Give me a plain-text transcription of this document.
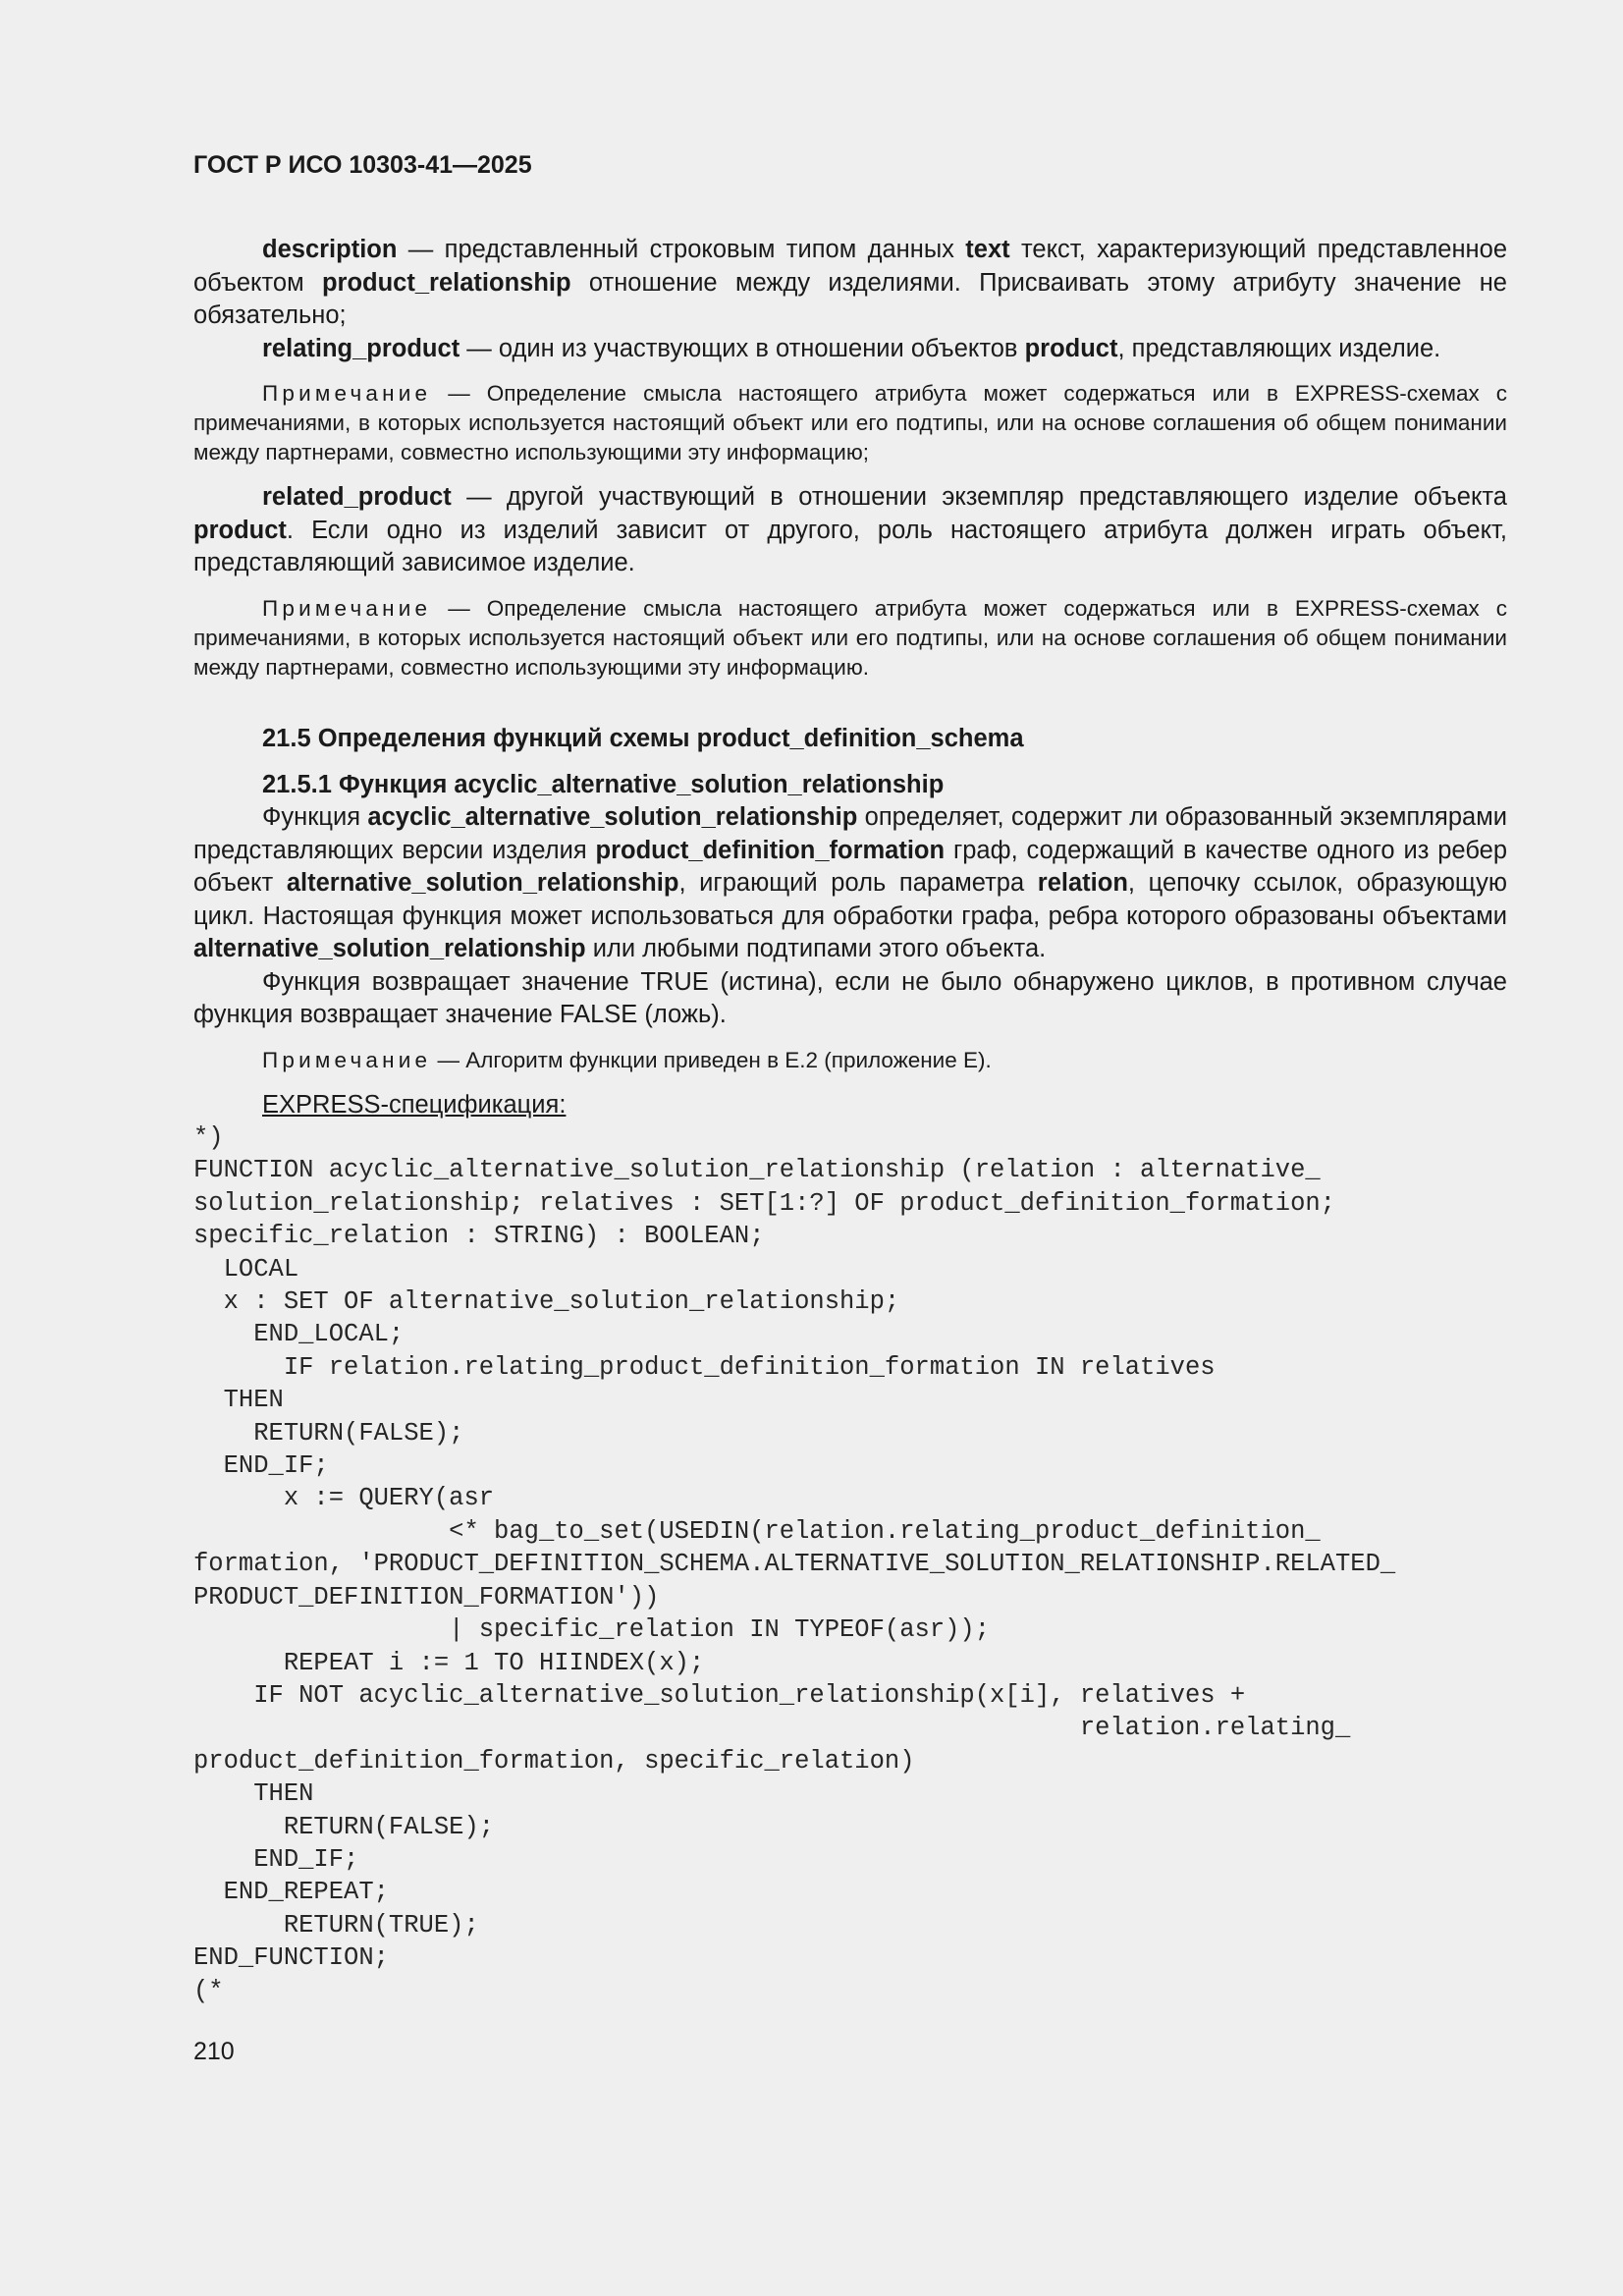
ГОСТ Р ИСО 10303-41—2025

description — представленный строковым типом данных text текст, характеризующий представленное объектом product_relationship отношение между изделиями. Присваивать этому атрибуту значение не обязательно;

relating_product — один из участвующих в отношении объектов product, представляющих изделие.

Примечание — Определение смысла настоящего атрибута может содержаться или в EXPRESS-схемах с примечаниями, в которых используется настоящий объект или его подтипы, или на основе соглашения об общем понимании между партнерами, совместно использующими эту информацию;

related_product — другой участвующий в отношении экземпляр представляющего изделие объекта product. Если одно из изделий зависит от другого, роль настоящего атрибута должен играть объект, представляющий зависимое изделие.

Примечание — Определение смысла настоящего атрибута может содержаться или в EXPRESS-схемах с примечаниями, в которых используется настоящий объект или его подтипы, или на основе соглашения об общем понимании между партнерами, совместно использующими эту информацию.

21.5 Определения функций схемы product_definition_schema
21.5.1 Функция acyclic_alternative_solution_relationship

Функция acyclic_alternative_solution_relationship определяет, содержит ли образованный экземплярами представляющих версии изделия product_definition_formation граф, содержащий в качестве одного из ребер объект alternative_solution_relationship, играющий роль параметра relation, цепочку ссылок, образующую цикл. Настоящая функция может использоваться для обработки графа, ребра которого образованы объектами alternative_solution_relationship или любыми подтипами этого объекта.

Функция возвращает значение TRUE (истина), если не было обнаружено циклов, в противном случае функция возвращает значение FALSE (ложь).

Примечание — Алгоритм функции приведен в E.2 (приложение E).

EXPRESS-спецификация:
*)
FUNCTION acyclic_alternative_solution_relationship (relation : alternative_
solution_relationship; relatives : SET[1:?] OF product_definition_formation;
specific_relation : STRING) : BOOLEAN;
LOCAL
x : SET OF alternative_solution_relationship;
END_LOCAL;
IF relation.relating_product_definition_formation IN relatives
THEN
RETURN(FALSE);
END_IF;
x := QUERY(asr
<* bag_to_set(USEDIN(relation.relating_product_definition_
formation, 'PRODUCT_DEFINITION_SCHEMA.ALTERNATIVE_SOLUTION_RELATIONSHIP.RELATED_
PRODUCT_DEFINITION_FORMATION'))
| specific_relation IN TYPEOF(asr));
REPEAT i := 1 TO HIINDEX(x);
IF NOT acyclic_alternative_solution_relationship(x[i], relatives +
relation.relating_
product_definition_formation, specific_relation)
THEN
RETURN(FALSE);
END_IF;
END_REPEAT;
RETURN(TRUE);
END_FUNCTION;
(*
210
